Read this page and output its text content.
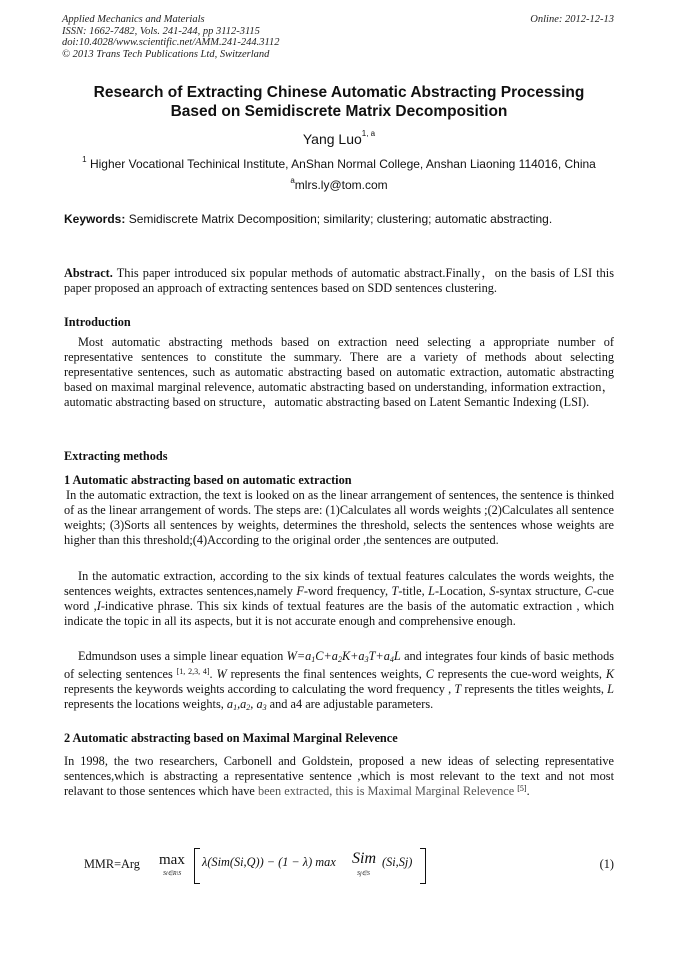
Applied Mechanics and Materials
ISSN: 1662-7482, Vols. 241-244, pp 3112-3115
doi:10.4028/www.scientific.net/AMM.241-244.3112
© 2013 Trans Tech Publications Ltd, Switzerland
Online: 2012-12-13
Research of Extracting Chinese Automatic Abstracting Processing
Based on Semidiscrete Matrix Decomposition
Yang Luo$^{1, a}$
$^1$ Higher Vocational Techinical Institute, AnShan Normal College, Anshan Liaoning 114016, China
$^a$mlrs.ly@tom.com
Keywords: Semidiscrete Matrix Decomposition; similarity; clustering; automatic abstracting.
Abstract. This paper introduced six popular methods of automatic abstract.Finally，on the basis of LSI this paper proposed an approach of extracting sentences based on SDD sentences clustering.
Introduction
Most automatic abstracting methods based on extraction need selecting a appropriate number of representative sentences to constitute the summary. There are a variety of methods about selecting representative sentences, such as automatic abstracting based on automatic extraction, automatic abstracting based on maximal marginal relevence, automatic abstracting based on understanding, information extraction，automatic abstracting based on structure，automatic abstracting based on Latent Semantic Indexing (LSI).
Extracting methods
1 Automatic abstracting based on automatic extraction
In the automatic extraction, the text is looked on as the linear arrangement of sentences, the sentence is thinked of as the linear arrangement of words. The steps are: (1)Calculates all words weights ;(2)Calculates all sentence weights; (3)Sorts all sentences by weights, determines the threshold, selects the sentences whose weights are higher than this threshold;(4)According to the original order ,the sentences are outputed.
In the automatic extraction, according to the six kinds of textual features calculates the words weights, the sentences weights, extractes sentences,namely F-word frequency, T-title, L-Location, S-syntax structure, C-cue word ,I-indicative phrase. This six kinds of textual features are the basis of the automatic extraction , which indicate the topic in all its aspects, but it is not accurate enough and comprehensive enough.
Edmundson uses a simple linear equation $W=a_1C+a_2K+a_3T+a_4L$ and integrates four kinds of basic methods of selecting sentences [1, 2,3, 4]. W represents the final sentences weights, C represents the cue-word weights, K represents the keywords weights according to calculating the word frequency , T represents the titles weights, L represents the locations weights, $a_1,a_2$, $a_3$ and a4 are adjustable parameters.
2 Automatic abstracting based on Maximal Marginal Relevence
In 1998, the two researchers, Carbonell and Goldstein, proposed a new ideas of selecting representative sentences,which is abstracting a representative sentence ,which is most relevant to the text and not most relavant to those sentences which have been extracted, this is Maximal Marginal Relevence [5].
MMR=Arg max
Si∈R\S
λ(Sim(Si,Q)) − (1 − λ) max Sim
Sj∈S
(Si,Sj)	(1)
